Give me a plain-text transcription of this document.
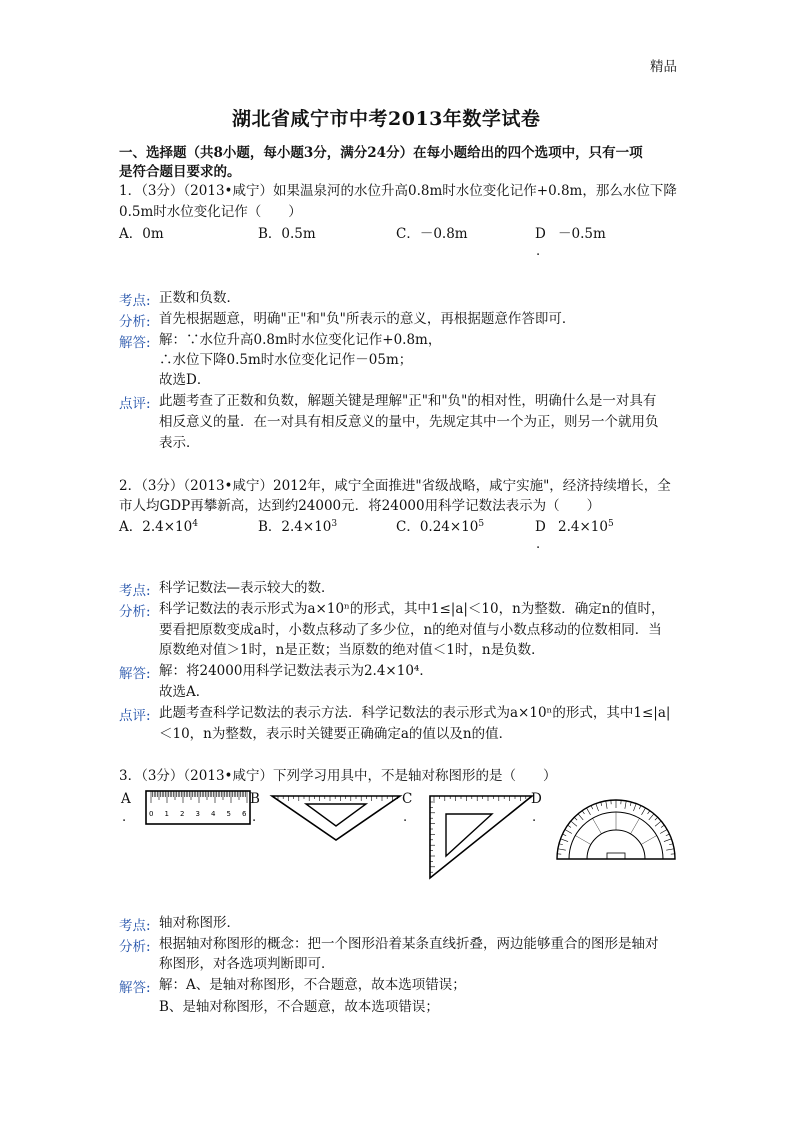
精品
湖北省咸宁市中考2013年数学试卷
一、选择题（共8小题，每小题3分，满分24分）在每小题给出的四个选项中，只有一项
是符合题目要求的。
1．（3分）（2013•咸宁）如果温泉河的水位升高0.8m时水位变化记作+0.8m，那么水位下降
0.5m时水位变化记作（　　）
A．0m	B．0.5m	C．－0.8m	D
.
－0.5m
考点: 正数和负数．
分析: 首先根据题意，明确"正"和"负"所表示的意义，再根据题意作答即可．
解答: 解：∵水位升高0.8m时水位变化记作+0.8m，
∴水位下降0.5m时水位变化记作－05m；
故选D．
点评: 此题考查了正数和负数，解题关键是理解"正"和"负"的相对性，明确什么是一对具有
相反意义的量．在一对具有相反意义的量中，先规定其中一个为正，则另一个就用负
表示．
2．（3分）（2013•咸宁）2012年，咸宁全面推进"省级战略，咸宁实施"，经济持续增长，全
市人均GDP再攀新高，达到约24000元．将24000用科学记数法表示为（　　）
A．$2.4\times 10^4$	B．$2.4\times 10^3$	C．$0.24\times 10^5$	D
.
$2.4\times 10^5$
考点: 科学记数法—表示较大的数．
分析: 科学记数法的表示形式为a×10ⁿ的形式，其中1≤|a|＜10，n为整数．确定n的值时，
要看把原数变成a时，小数点移动了多少位，n的绝对值与小数点移动的位数相同．当
原数绝对值＞1时，n是正数；当原数的绝对值＜1时，n是负数．
解答: 解：将24000用科学记数法表示为2.4×10⁴．
故选A．
点评: 此题考查科学记数法的表示方法．科学记数法的表示形式为a×10ⁿ的形式，其中1≤|a|
＜10，n为整数，表示时关键要正确确定a的值以及n的值．
3．（3分）（2013•咸宁）下列学习用具中，不是轴对称图形的是（　　）
A
.
B
.
C
.
D
.
0 1 2 3 4 5 6
考点: 轴对称图形．
分析: 根据轴对称图形的概念：把一个图形沿着某条直线折叠，两边能够重合的图形是轴对
称图形，对各选项判断即可．
解答: 解：A、是轴对称图形，不合题意，故本选项错误；
B、是轴对称图形，不合题意，故本选项错误；
